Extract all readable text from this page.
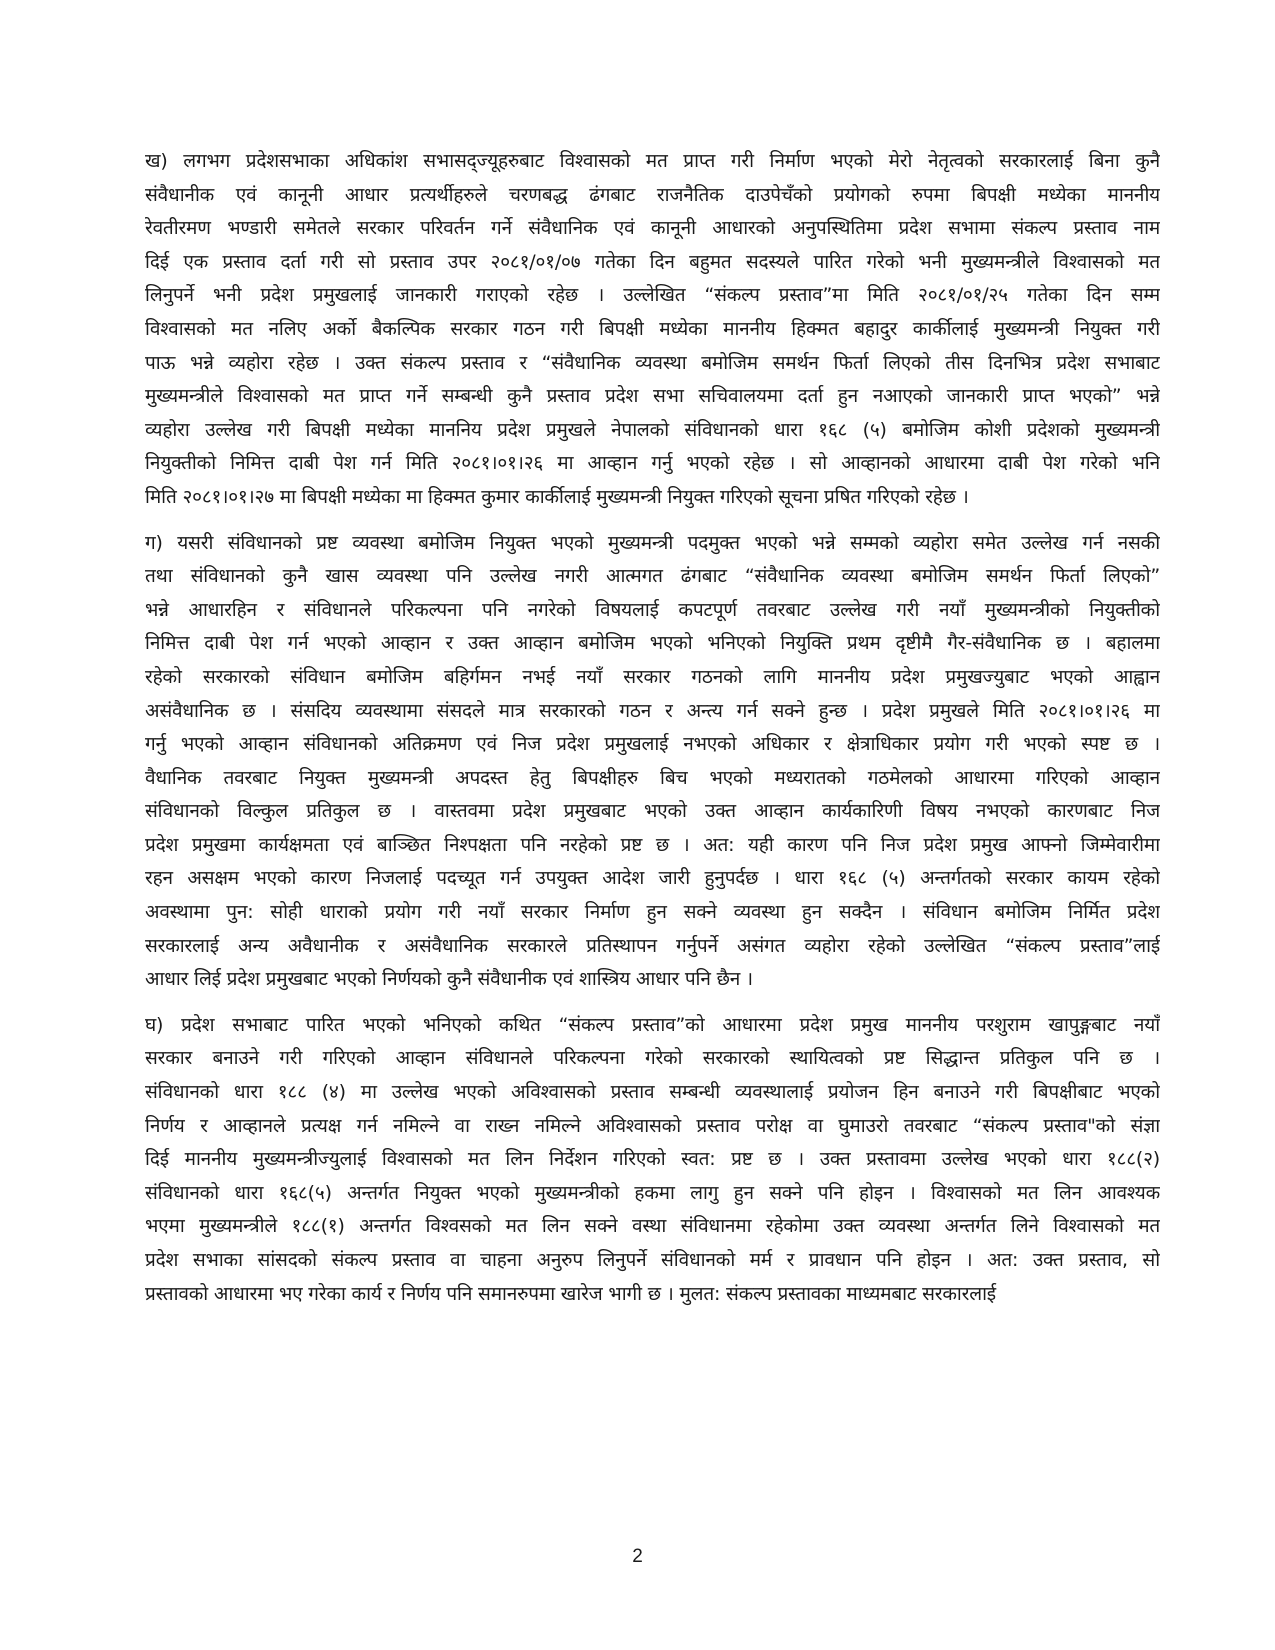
ख) लगभग प्रदेशसभाका अधिकांश सभासद्ज्यूहरुबाट विश्वासको मत प्राप्त गरी निर्माण भएको मेरो नेतृत्वको सरकारलाई बिना कुनै
संवैधानीक एवं कानूनी आधार प्रत्यर्थीहरुले चरणबद्ध ढंगबाट राजनैतिक दाउपेचँको प्रयोगको रुपमा बिपक्षी मध्येका माननीय
रेवतीरमण भण्डारी समेतले सरकार परिवर्तन गर्ने संवैधानिक एवं कानूनी आधारको अनुपस्थितिमा प्रदेश सभामा संकल्प प्रस्ताव नाम
दिई एक प्रस्ताव दर्ता गरी सो प्रस्ताव उपर २०८१/०१/०७ गतेका दिन बहुमत सदस्यले पारित गरेको भनी मुख्यमन्त्रीले विश्वासको मत
लिनुपर्ने भनी प्रदेश प्रमुखलाई जानकारी गराएको रहेछ । उल्लेखित “संकल्प प्रस्ताव”मा मिति २०८१/०१/२५ गतेका दिन सम्म
विश्वासको मत नलिए अर्को बैकल्पिक सरकार गठन गरी बिपक्षी मध्येका माननीय हिक्मत बहादुर कार्कीलाई मुख्यमन्त्री नियुक्त गरी
पाऊ भन्ने व्यहोरा रहेछ । उक्त संकल्प प्रस्ताव र “संवैधानिक व्यवस्था बमोजिम समर्थन फिर्ता लिएको तीस दिनभित्र प्रदेश सभाबाट
मुख्यमन्त्रीले विश्वासको मत प्राप्त गर्ने सम्बन्धी कुनै प्रस्ताव प्रदेश सभा सचिवालयमा दर्ता हुन नआएको जानकारी प्राप्त भएको” भन्ने
व्यहोरा उल्लेख गरी बिपक्षी मध्येका माननिय प्रदेश प्रमुखले नेपालको संविधानको धारा १६८ (५) बमोजिम कोशी प्रदेशको मुख्यमन्त्री
नियुक्तीको निमित्त दाबी पेश गर्न मिति २०८१।०१।२६ मा आव्हान गर्नु भएको रहेछ । सो आव्हानको आधारमा दाबी पेश गरेको भनि
मिति २०८१।०१।२७ मा बिपक्षी मध्येका मा हिक्मत कुमार कार्कीलाई मुख्यमन्त्री नियुक्त गरिएको सूचना प्रषित गरिएको रहेछ ।
ग) यसरी संविधानको प्रष्ट व्यवस्था बमोजिम नियुक्त भएको मुख्यमन्त्री पदमुक्त भएको भन्ने सम्मको व्यहोरा समेत उल्लेख गर्न नसकी
तथा संविधानको कुनै खास व्यवस्था पनि उल्लेख नगरी आत्मगत ढंगबाट “संवैधानिक व्यवस्था बमोजिम समर्थन फिर्ता लिएको”
भन्ने आधारहिन र संविधानले परिकल्पना पनि नगरेको विषयलाई कपटपूर्ण तवरबाट उल्लेख गरी नयाँ मुख्यमन्त्रीको नियुक्तीको
निमित्त दाबी पेश गर्न भएको आव्हान र उक्त आव्हान बमोजिम भएको भनिएको नियुक्ति प्रथम दृष्टीमै गैर-संवैधानिक छ । बहालमा
रहेको सरकारको संविधान बमोजिम बहिर्गमन नभई नयाँ सरकार गठनको लागि माननीय प्रदेश प्रमुखज्युबाट भएको आह्वान
असंवैधानिक छ । संसदिय व्यवस्थामा संसदले मात्र सरकारको गठन र अन्त्य गर्न सक्ने हुन्छ । प्रदेश प्रमुखले मिति २०८१।०१।२६ मा
गर्नु भएको आव्हान संविधानको अतिक्रमण एवं निज प्रदेश प्रमुखलाई नभएको अधिकार र क्षेत्राधिकार प्रयोग गरी भएको स्पष्ट छ ।
वैधानिक तवरबाट नियुक्त मुख्यमन्त्री अपदस्त हेतु बिपक्षीहरु बिच भएको मध्यरातको गठमेलको आधारमा गरिएको आव्हान
संविधानको विल्कुल प्रतिकुल छ । वास्तवमा प्रदेश प्रमुखबाट भएको उक्त आव्हान कार्यकारिणी विषय नभएको कारणबाट निज
प्रदेश प्रमुखमा कार्यक्षमता एवं बाञ्छित निश्पक्षता पनि नरहेको प्रष्ट छ । अत: यही कारण पनि निज प्रदेश प्रमुख आफ्नो जिम्मेवारीमा
रहन असक्षम भएको कारण निजलाई पदच्यूत गर्न उपयुक्त आदेश जारी हुनुपर्दछ । धारा १६८ (५) अन्तर्गतको सरकार कायम रहेको
अवस्थामा पुन: सोही धाराको प्रयोग गरी नयाँ सरकार निर्माण हुन सक्ने व्यवस्था हुन सक्दैन । संविधान बमोजिम निर्मित प्रदेश
सरकारलाई अन्य अवैधानीक र असंवैधानिक सरकारले प्रतिस्थापन गर्नुपर्ने असंगत व्यहोरा रहेको उल्लेखित “संकल्प प्रस्ताव”लाई
आधार लिई प्रदेश प्रमुखबाट भएको निर्णयको कुनै संवैधानीक एवं शास्त्रिय आधार पनि छैन ।
घ) प्रदेश सभाबाट पारित भएको भनिएको कथित “संकल्प प्रस्ताव”को आधारमा प्रदेश प्रमुख माननीय परशुराम खापुङ्गबाट नयाँ
सरकार बनाउने गरी गरिएको आव्हान संविधानले परिकल्पना गरेको सरकारको स्थायित्वको प्रष्ट सिद्धान्त प्रतिकुल पनि छ ।
संविधानको धारा १८८ (४) मा उल्लेख भएको अविश्वासको प्रस्ताव सम्बन्धी व्यवस्थालाई प्रयोजन हिन बनाउने गरी बिपक्षीबाट भएको
निर्णय र आव्हानले प्रत्यक्ष गर्न नमिल्ने वा राख्न नमिल्ने अविश्वासको प्रस्ताव परोक्ष वा घुमाउरो तवरबाट “संकल्प प्रस्ताव"को संज्ञा
दिई माननीय मुख्यमन्त्रीज्युलाई विश्वासको मत लिन निर्देशन गरिएको स्वत: प्रष्ट छ । उक्त प्रस्तावमा उल्लेख भएको धारा १८८(२)
संविधानको धारा १६८(५) अन्तर्गत नियुक्त भएको मुख्यमन्त्रीको हकमा लागु हुन सक्ने पनि होइन । विश्वासको मत लिन आवश्यक
भएमा मुख्यमन्त्रीले १८८(१) अन्तर्गत विश्वसको मत लिन सक्ने वस्था संविधानमा रहेकोमा उक्त व्यवस्था अन्तर्गत लिने विश्वासको मत
प्रदेश सभाका सांसदको संकल्प प्रस्ताव वा चाहना अनुरुप लिनुपर्ने संविधानको मर्म र प्रावधान पनि होइन । अत: उक्त प्रस्ताव, सो
प्रस्तावको आधारमा भए गरेका कार्य र निर्णय पनि समानरुपमा खारेज भागी छ । मुलत: संकल्प प्रस्तावका माध्यमबाट सरकारलाई
2
